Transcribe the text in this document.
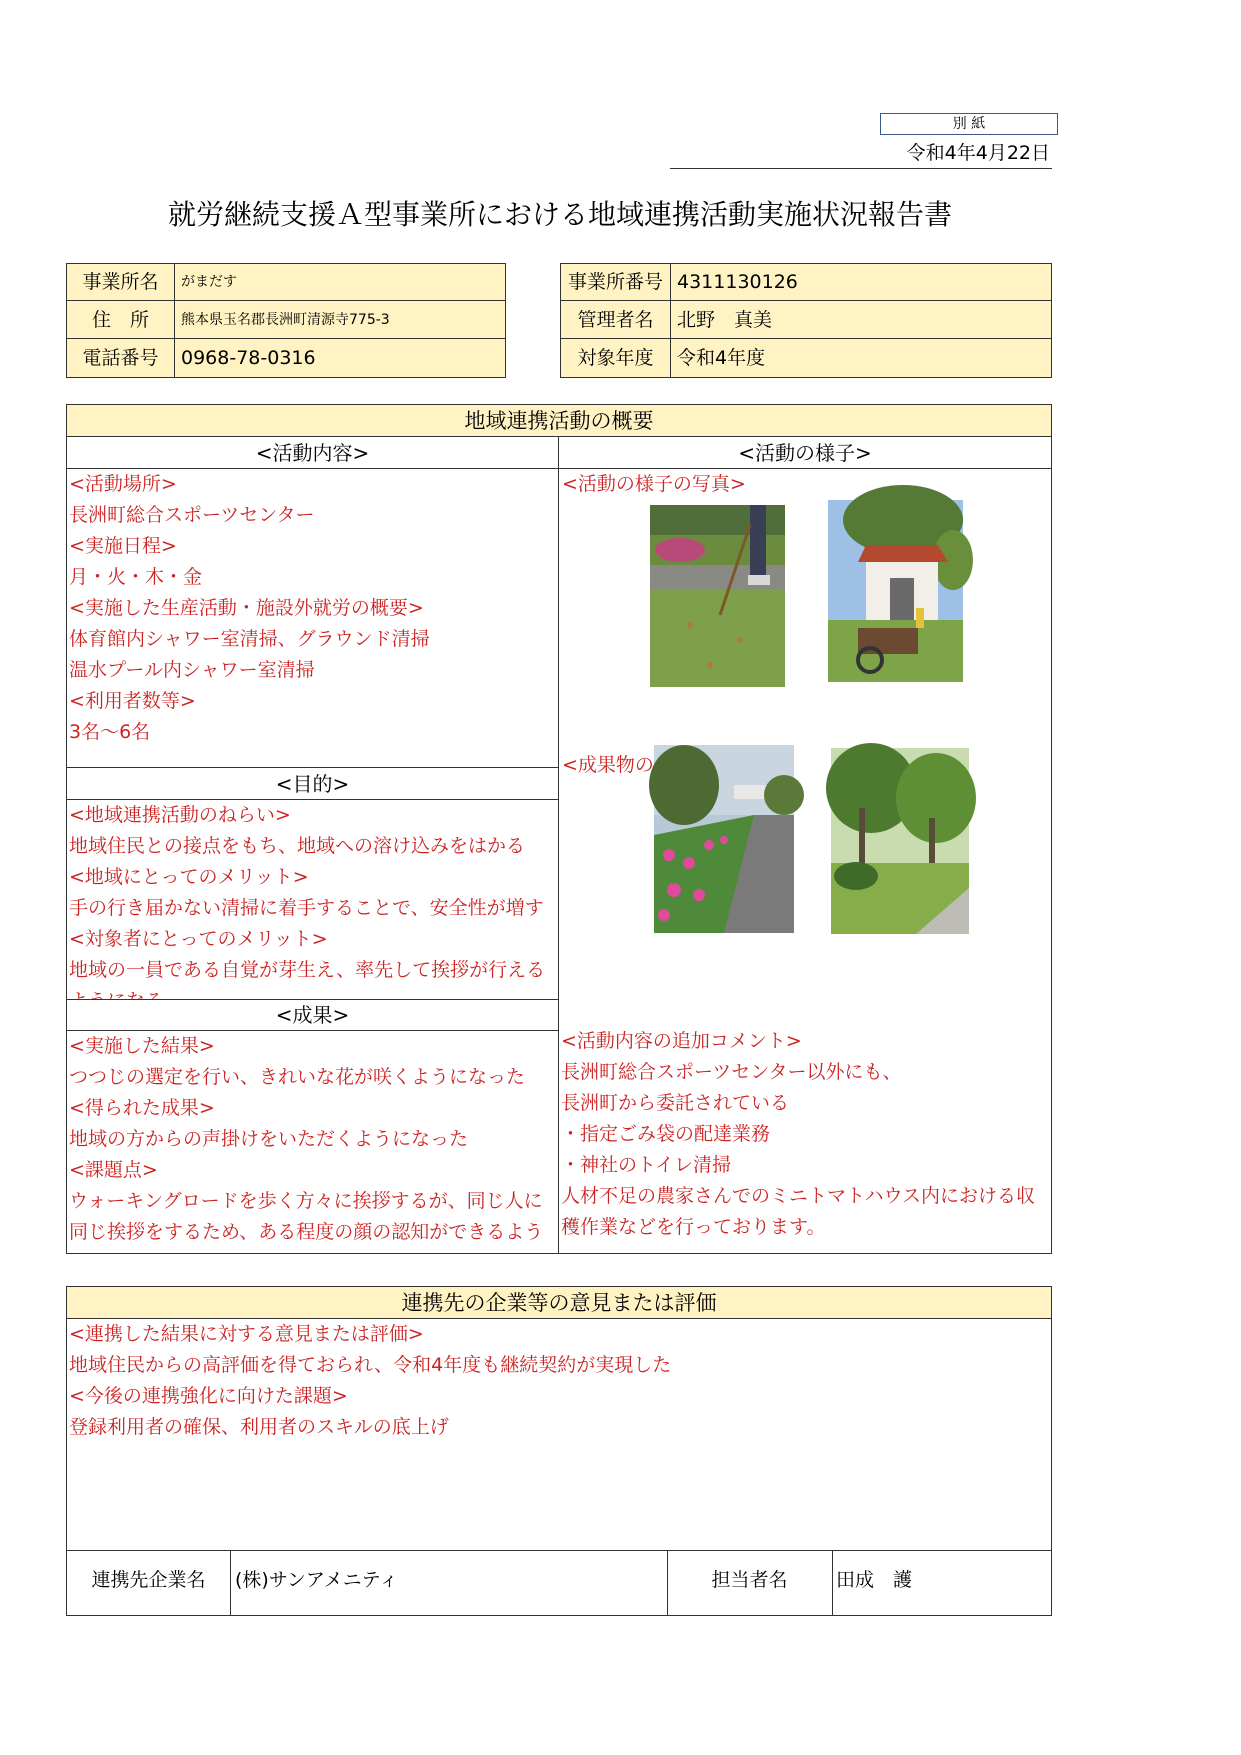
別 紙
令和4年4月22日
就労継続支援Ａ型事業所における地域連携活動実施状況報告書
事業所名	がまだす
住　所	熊本県玉名郡長洲町清源寺775-3
電話番号	0968-78-0316
事業所番号 4311130126
管理者名	北野　真美
対象年度	令和4年度
地域連携活動の概要
<活動内容>	<活動の様子>
<活動場所>
長洲町総合スポーツセンター
<実施日程>
月・火・木・金
<実施した生産活動・施設外就労の概要>
体育館内シャワー室清掃、グラウンド清掃
温水プール内シャワー室清掃
<利用者数等>
3名～6名
<目的>
<地域連携活動のねらい>
地域住民との接点をもち、地域への溶け込みをはかる
<地域にとってのメリット>
手の行き届かない清掃に着手することで、安全性が増す
<対象者にとってのメリット>
地域の一員である自覚が芽生え、率先して挨拶が行える
<成果>
<実施した結果>
つつじの選定を行い、きれいな花が咲くようになった
<得られた成果>
地域の方からの声掛けをいただくようになった
<課題点>
ウォーキングロードを歩く方々に挨拶するが、同じ人に
同じ挨拶をするため、ある程度の顔の認知ができるよう
<活動の様子の写真>
<成果物の
<活動内容の追加コメント>
長洲町総合スポーツセンター以外にも、
長洲町から委託されている
・指定ごみ袋の配達業務
・神社のトイレ清掃
人材不足の農家さんでのミニトマトハウス内における収
穫作業などを行っております。
連携先の企業等の意見または評価
<連携した結果に対する意見または評価>
地域住民からの高評価を得ておられ、令和4年度も継続契約が実現した
<今後の連携強化に向けた課題>
登録利用者の確保、利用者のスキルの底上げ
連携先企業名	(株)サンアメニティ	担当者名	田成　護
